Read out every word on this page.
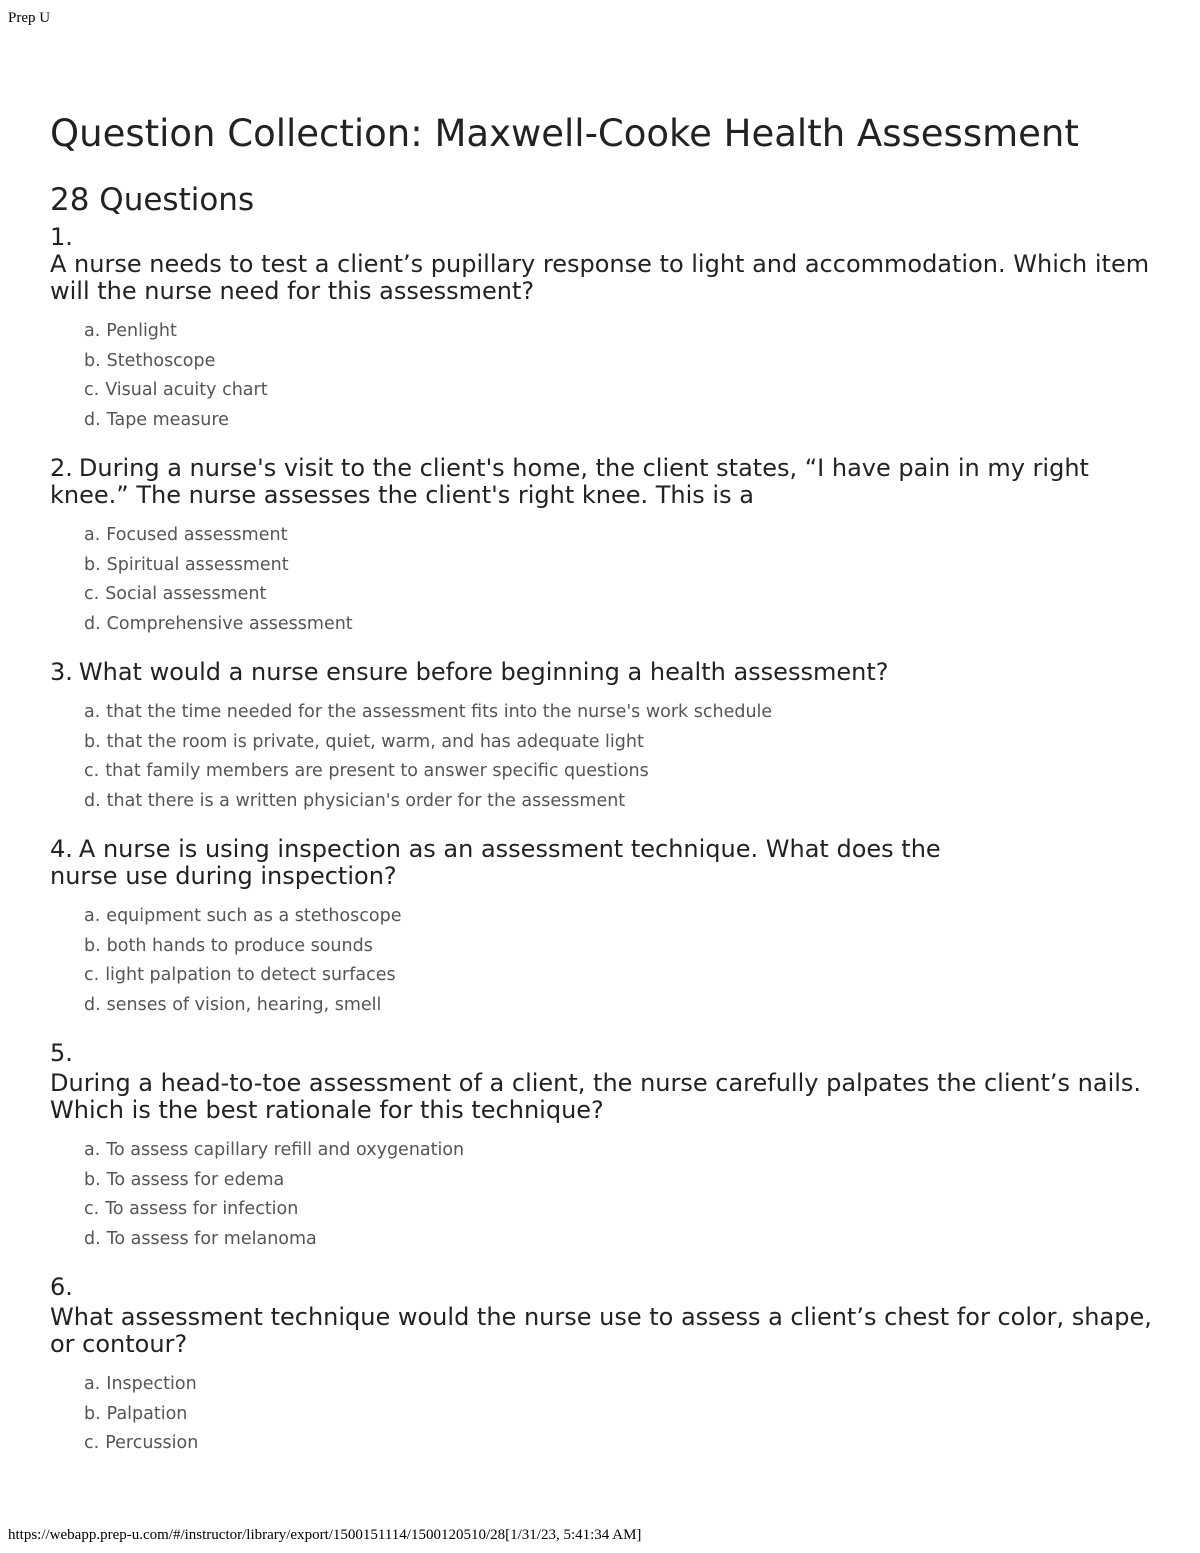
Prep U
Question Collection: Maxwell-Cooke Health Assessment
28 Questions
1.
A nurse needs to test a client’s pupillary response to light and accommodation. Which item will the nurse need for this assessment?
a. Penlight
b. Stethoscope
c. Visual acuity chart
d. Tape measure
2. During a nurse's visit to the client's home, the client states, “I have pain in my right knee.” The nurse assesses the client's right knee. This is a
a. Focused assessment
b. Spiritual assessment
c. Social assessment
d. Comprehensive assessment
3. What would a nurse ensure before beginning a health assessment?
a. that the time needed for the assessment fits into the nurse's work schedule
b. that the room is private, quiet, warm, and has adequate light
c. that family members are present to answer specific questions
d. that there is a written physician's order for the assessment
4. A nurse is using inspection as an assessment technique. What does the nurse use during inspection?
a. equipment such as a stethoscope
b. both hands to produce sounds
c. light palpation to detect surfaces
d. senses of vision, hearing, smell
5.
During a head-to-toe assessment of a client, the nurse carefully palpates the client’s nails. Which is the best rationale for this technique?
a. To assess capillary refill and oxygenation
b. To assess for edema
c. To assess for infection
d. To assess for melanoma
6.
What assessment technique would the nurse use to assess a client’s chest for color, shape, or contour?
a. Inspection
b. Palpation
c. Percussion
https://webapp.prep-u.com/#/instructor/library/export/1500151114/1500120510/28[1/31/23, 5:41:34 AM]
